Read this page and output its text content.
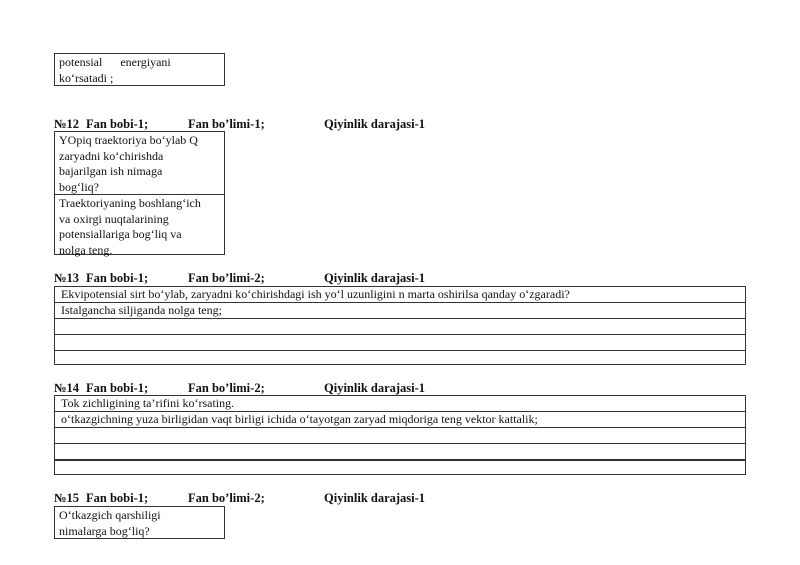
potensial      energiyani
ko‘rsatadi ;
№12 Fan bobi-1;	Fan bo’limi-1;	Qiyinlik darajasi-1
YOpiq traektoriya bo‘ylab Q
zaryadni ko‘chirishda
bajarilgan ish nimaga
bog‘liq?
Traektoriyaning boshlang‘ich
va oxirgi nuqtalarining
potensiallariga bog‘liq va
nolga teng.
№13 Fan bobi-1;	Fan bo’limi-2;	Qiyinlik darajasi-1
Ekvipotensial sirt bo‘ylab, zaryadni ko‘chirishdagi ish yo‘l uzunligini n marta oshirilsa qanday o‘zgaradi?
Istalgancha siljiganda nolga teng;
№14 Fan bobi-1;	Fan bo’limi-2;	Qiyinlik darajasi-1
Tok zichligining ta’rifini ko‘rsating.
o‘tkazgichning yuza birligidan vaqt birligi ichida o‘tayotgan zaryad miqdoriga teng vektor kattalik;
№15 Fan bobi-1;	Fan bo’limi-2;	Qiyinlik darajasi-1
O‘tkazgich qarshiligi
nimalarga bog‘liq?
